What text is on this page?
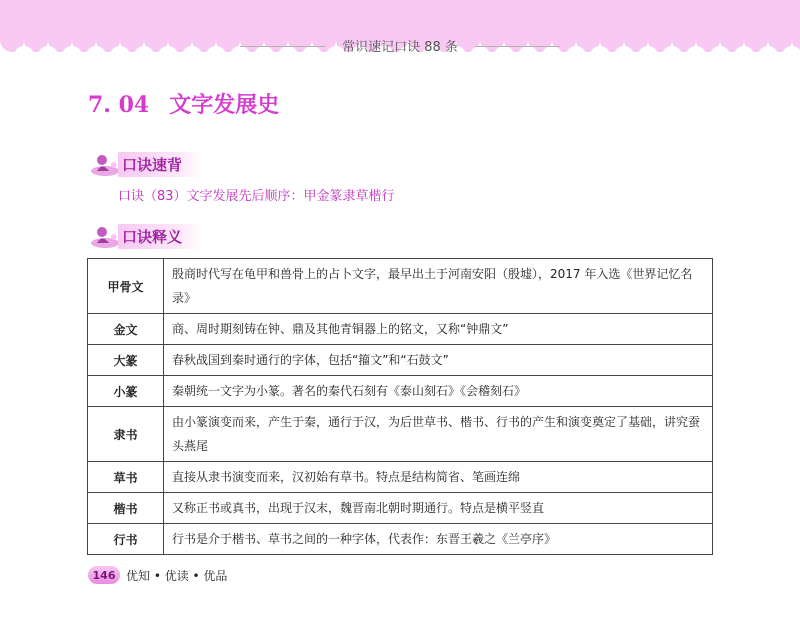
常识速记口诀 88 条
7. 04 文字发展史
口诀速背
口诀（83）文字发展先后顺序：甲金篆隶草楷行
口诀释义
甲骨文	殷商时代写在龟甲和兽骨上的占卜文字，最早出土于河南安阳（殷墟），2017 年入选《世界记忆名录》
金文	商、周时期刻铸在钟、鼎及其他青铜器上的铭文，又称“钟鼎文”
大篆	春秋战国到秦时通行的字体，包括“籀文”和“石鼓文”
小篆	秦朝统一文字为小篆。著名的秦代石刻有《泰山刻石》《会稽刻石》
隶书	由小篆演变而来，产生于秦，通行于汉，为后世草书、楷书、行书的产生和演变奠定了基础，讲究蚕头燕尾
草书	直接从隶书演变而来，汉初始有草书。特点是结构简省、笔画连绵
楷书	又称正书或真书，出现于汉末，魏晋南北朝时期通行。特点是横平竖直
行书	行书是介于楷书、草书之间的一种字体，代表作：东晋王羲之《兰亭序》
146 优知 • 优读 • 优品
